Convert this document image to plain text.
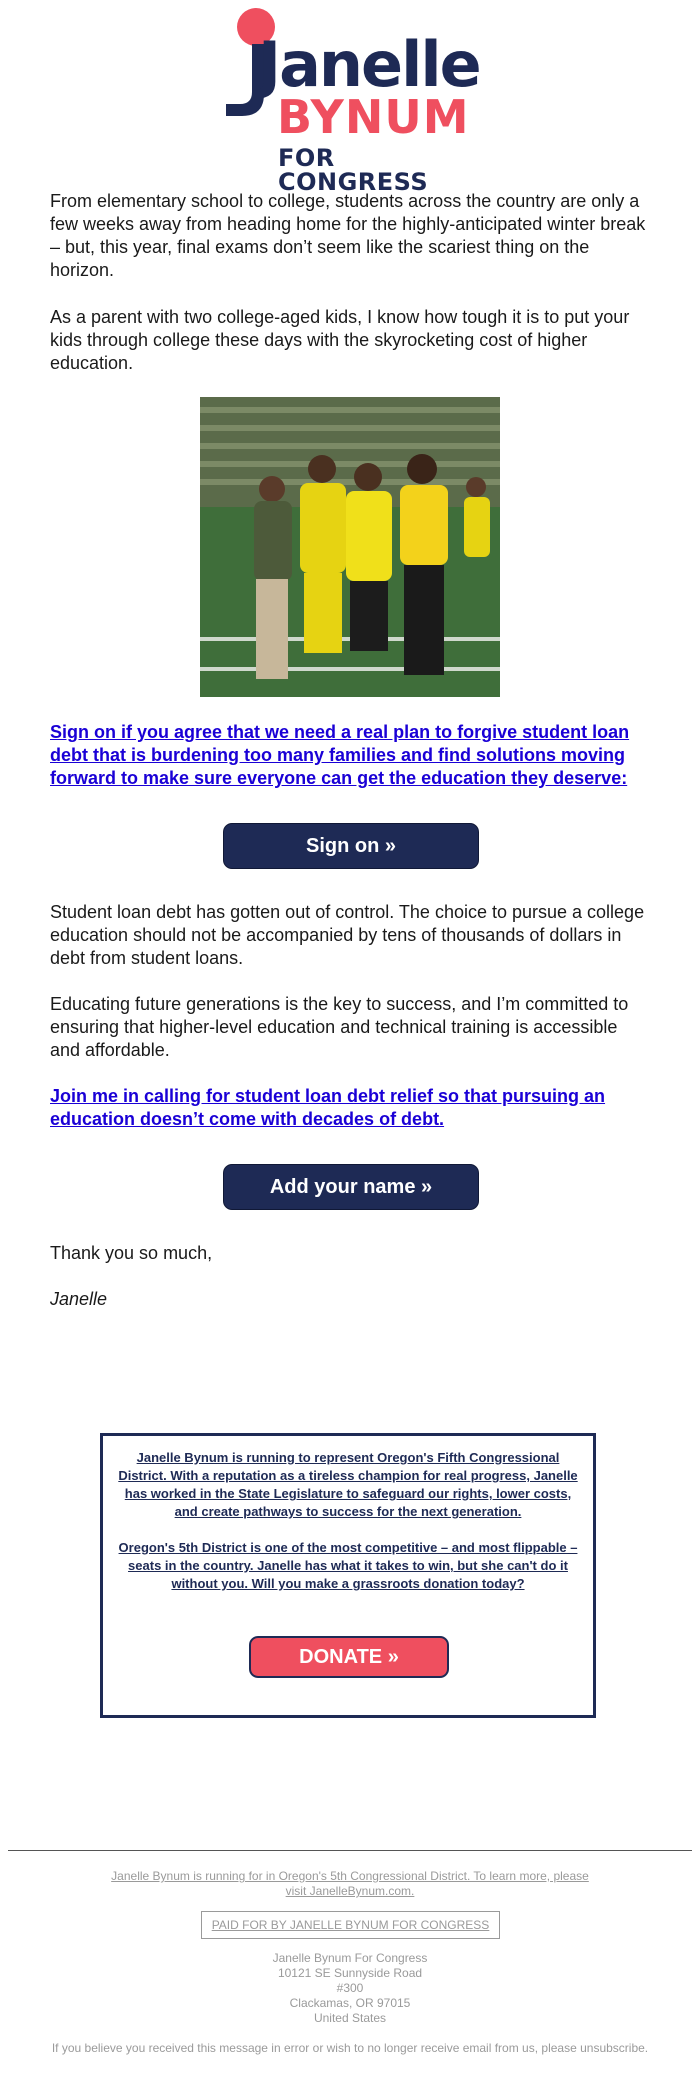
Janelle
BYNUM
FOR CONGRESS

From elementary school to college, students across the country are only a few weeks away from heading home for the highly-anticipated winter break – but, this year, final exams don’t seem like the scariest thing on the horizon.

As a parent with two college-aged kids, I know how tough it is to put your kids through college these days with the skyrocketing cost of higher education.

Sign on if you agree that we need a real plan to forgive student loan debt that is burdening too many families and find solutions moving forward to make sure everyone can get the education they deserve:

Sign on »

Student loan debt has gotten out of control. The choice to pursue a college education should not be accompanied by tens of thousands of dollars in debt from student loans.

Educating future generations is the key to success, and I’m committed to ensuring that higher-level education and technical training is accessible and affordable.

Join me in calling for student loan debt relief so that pursuing an education doesn’t come with decades of debt.

Add your name »

Thank you so much,

Janelle

Janelle Bynum is running to represent Oregon's Fifth Congressional District. With a reputation as a tireless champion for real progress, Janelle has worked in the State Legislature to safeguard our rights, lower costs, and create pathways to success for the next generation.

Oregon's 5th District is one of the most competitive – and most flippable – seats in the country. Janelle has what it takes to win, but she can't do it without you. Will you make a grassroots donation today?

DONATE »
Janelle Bynum is running for in Oregon's 5th Congressional District. To learn more, please visit JanelleBynum.com.
PAID FOR BY JANELLE BYNUM FOR CONGRESS
Janelle Bynum For Congress
10121 SE Sunnyside Road
#300
Clackamas, OR 97015
United States
If you believe you received this message in error or wish to no longer receive email from us, please unsubscribe.
